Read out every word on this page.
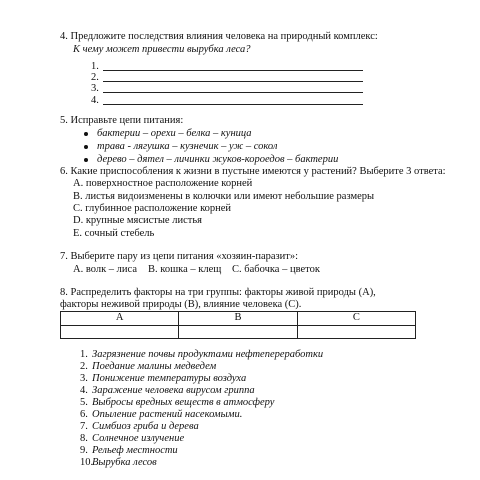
4. Предложите последствия влияния человека на природный комплекс:
К чему может привести вырубка леса?
1.
2.
3.
4.
5. Исправьте цепи питания:
бактерии – орехи – белка – куница
трава - лягушка – кузнечик – уж – сокол
дерево – дятел – личинки жуков-короедов – бактерии
6. Какие приспособления к жизни в пустыне имеются у растений? Выберите 3 ответа:
А. поверхностное расположение корней
В. листья видоизменены в колючки или имеют небольшие размеры
С. глубинное расположение корней
D. крупные мясистые листья
Е. сочный стебель
7. Выберите пару из цепи питания «хозяин-паразит»:
А. волк – лиса В. кошка – клещ С. бабочка – цветок
8. Распределить факторы на три группы: факторы живой природы (А),
факторы неживой природы (В), влияние человека (С).
А	В	С

1. Загрязнение почвы продуктами нефтепереработки
2. Поедание малины медведем
3. Понижение температуры воздуха
4. Заражение человека вирусом гриппа
5. Выбросы вредных веществ в атмосферу
6. Опыление растений насекомыми.
7. Симбиоз гриба и дерева
8. Солнечное излучение
9. Рельеф местности
10.Вырубка лесов
